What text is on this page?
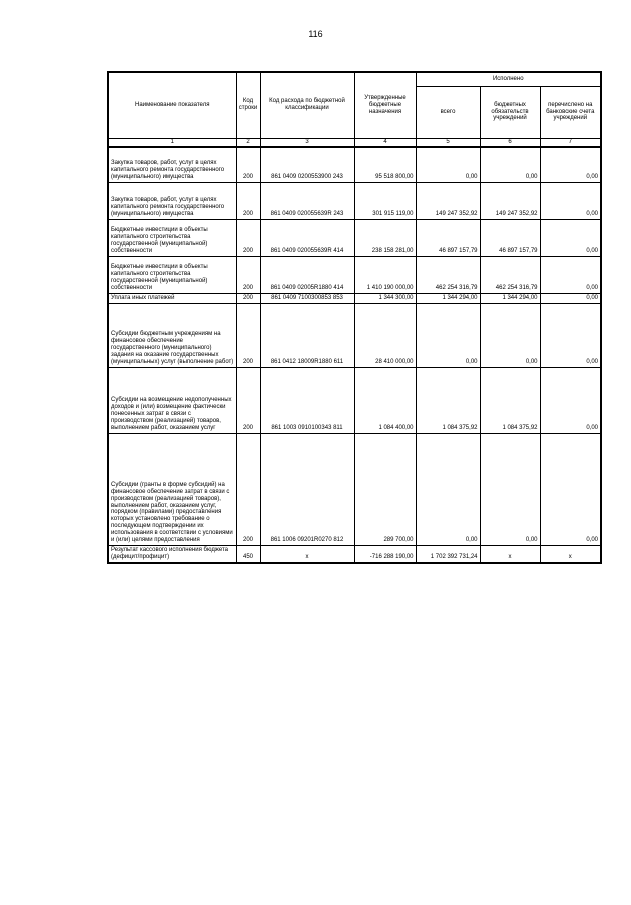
116
Наименование показателя	Код строки	Код расхода по бюджетной классификации	Утвержденные бюджетные назначения	Исполнено		
				всего	бюджетных обязательств учреждений	перечислено на банковские счета учреждений
1	2	3	4	5	6	7
Закупка товаров, работ, услуг в целях капитального ремонта государственного (муниципального) имущества	200	861 0409 0200553900 243	95 518 800,00	0,00	0,00	0,00
Закупка товаров, работ, услуг в целях капитального ремонта государственного (муниципального) имущества	200	861 0409 020055639R 243	301 915 119,00	149 247 352,92	149 247 352,92	0,00
Бюджетные инвестиции в объекты капитального строительства государственной (муниципальной) собственности	200	861 0409 020055639R 414	238 158 281,00	46 897 157,79	46 897 157,79	0,00
Бюджетные инвестиции в объекты капитального строительства государственной (муниципальной) собственности	200	861 0409 02005R1880 414	1 410 190 000,00	462 254 316,79	462 254 316,79	0,00
Уплата иных платежей	200	861 0409 7100300853 853	1 344 300,00	1 344 294,00	1 344 294,00	0,00
Субсидии бюджетным учреждениям на финансовое обеспечение государственного (муниципального) задания на оказание государственных (муниципальных) услуг (выполнение работ)	200	861 0412 18009R1880 611	28 410 000,00	0,00	0,00	0,00
Субсидии на возмещение недополученных доходов и (или) возмещение фактически понесенных затрат в связи с производством (реализацией) товаров, выполнением работ, оказанием услуг	200	861 1003 0910100343 811	1 084 400,00	1 084 375,92	1 084 375,92	0,00
Субсидии (гранты в форме субсидий) на финансовое обеспечение затрат в связи с производством (реализацией товаров), выполнением работ, оказанием услуг, порядком (правилами) предоставления которых установлено требование о последующем подтверждении их использования в соответствии с условиями и (или) целями предоставления	200	861 1006 09201R0270 812	289 700,00	0,00	0,00	0,00
Результат кассового исполнения бюджета (дефицит/профицит)	450	x	-716 288 190,00	1 702 392 731,24	x	x
